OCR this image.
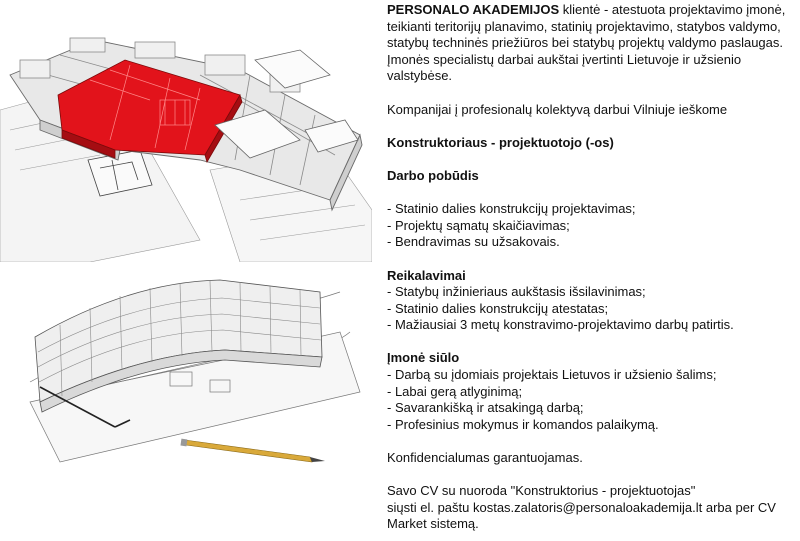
PERSONALO AKADEMIJOS klientė - atestuota projektavimo įmonė, teikianti teritorijų planavimo, statinių projektavimo, statybos valdymo, statybų techninės priežiūros bei statybų projektų valdymo paslaugas. Įmonės specialistų darbai aukštai įvertinti Lietuvoje ir užsienio valstybėse.

Kompanijai į profesionalų kolektyvą darbui Vilniuje ieškome

Konstruktoriaus - projektuotojo (-os)

Darbo pobūdis

- Statinio dalies konstrukcijų projektavimas;

- Projektų sąmatų skaičiavimas;

- Bendravimas su užsakovais.

Reikalavimai

- Statybų inžinieriaus aukštasis išsilavinimas;

- Statinio dalies konstrukcijų atestatas;

- Mažiausiai 3 metų konstravimo-projektavimo darbų patirtis.

Įmonė siūlo

- Darbą su įdomiais projektais Lietuvos ir užsienio šalims;

- Labai gerą atlyginimą;

- Savarankišką ir atsakingą darbą;

- Profesinius mokymus ir komandos palaikymą.

Konfidencialumas garantuojamas.

Savo CV su nuoroda "Konstruktorius - projektuotojas"

siųsti el. paštu kostas.zalatoris@personaloakademija.lt arba per CV Market sistemą.
